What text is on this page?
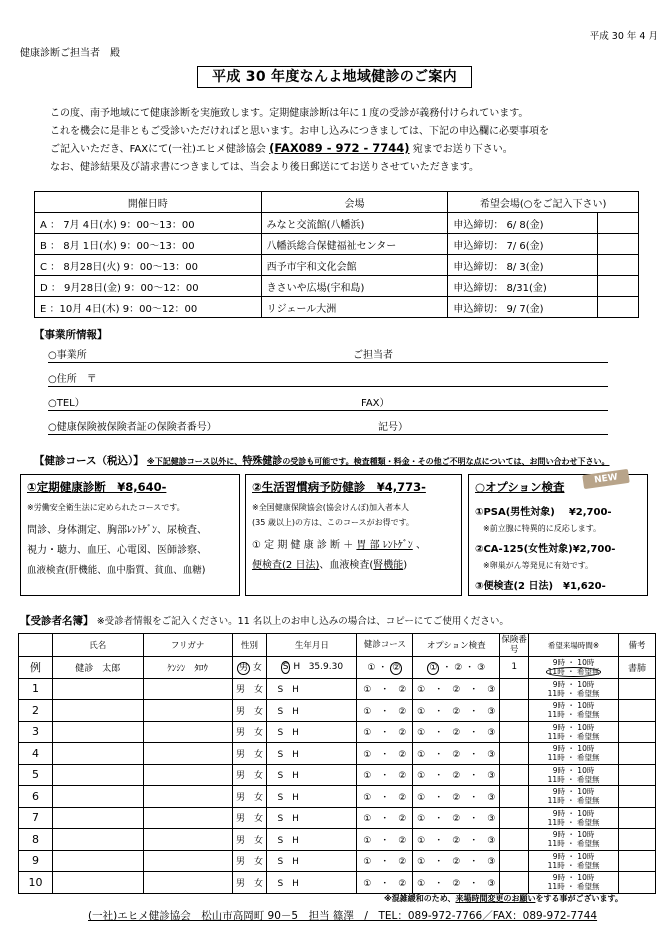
平成 30 年 4 月
健康診断ご担当者　殿
平成 30 年度なんよ地域健診のご案内

この度、南予地域にて健康診断を実施致します。定期健康診断は年に１度の受診が義務付けられています。

これを機会に是非ともご受診いただければと思います。お申し込みにつきましては、下記の申込欄に必要事項を

ご記入いただき、FAXにて(一社)エヒメ健診協会 (FAX089 - 972 - 7744) 宛までお送り下さい。

なお、健診結果及び請求書につきましては、当会より後日郵送にてお送りさせていただきます。

開催日時	会場	希望会場(○をご記入下さい)	
A ： 7月 4日(水) 9：00～13：00	みなと交流館(八幡浜)	申込締切： 6/ 8(金)	
B ： 8月 1日(水) 9：00～13：00	八幡浜総合保健福祉センター	申込締切： 7/ 6(金)	
C ： 8月28日(火) 9：00～13：00	西予市宇和文化会館	申込締切： 8/ 3(金)	
D ： 9月28日(金) 9：00～12：00	きさいや広場(宇和島)	申込締切： 8/31(金)	
E ：10月 4日(木) 9：00～12：00	リジェール大洲	申込締切： 9/ 7(金)	
【事業所情報】
○事業所	ご担当者
○住所　〒
○TEL）	FAX）
○健康保険被保険者証の保険者番号）	記号）
【健診コース（税込）】 ※下記健診コース以外に、特殊健診の受診も可能です。検査種類・料金・その他ご不明な点については、お問い合わせ下さい。
①定期健康診断　¥8,640-
※労働安全衛生法に定められたコースです。
問診、身体測定、胸部ﾚﾝﾄｹﾞﾝ、尿検査、
視力・聴力、血圧、心電図、医師診察、
血液検査(肝機能、血中脂質、貧血、血糖)
②生活習慣病予防健診　¥4,773-
※全国健康保険協会(協会けんぽ)加入者本人
(35 歳以上)の方は、このコースがお得です。
① 定 期 健 康 診 断 ＋ 胃 部 ﾚﾝﾄｹﾞﾝ 、
便検査(2 日法)、血液検査(腎機能)
○オプション検査
①PSA(男性対象) ¥2,700-
※前立腺に特異的に反応します。
②CA-125(女性対象)¥2,700-
※卵巣がん等発見に有効です。
③便検査(2 日法)　¥1,620-
NEW
【受診者名簿】 ※受診者情報をご記入ください。11 名以上のお申し込みの場合は、コピーにてご使用ください。
	氏名	フリガナ	性別	生年月日	健診コース	オプション検査	保険番号	希望来場時間※	備考
例	健診　太郎	ｹﾝｼﾝ　ﾀﾛｳ	男 女	S H 35.9.30	① ・ ②	① ・ ② ・ ③	1	9時 ・ 10時
11時 ・ 希望無	書肺
1			男　女	S　H	①　・　②	①　・　②　・　③		9時 ・ 10時
11時 ・ 希望無	

2			男　女	S　H	①　・　②	①　・　②　・　③		9時 ・ 10時
11時 ・ 希望無	

3			男　女	S　H	①　・　②	①　・　②　・　③		9時 ・ 10時
11時 ・ 希望無	

4			男　女	S　H	①　・　②	①　・　②　・　③		9時 ・ 10時
11時 ・ 希望無	

5			男　女	S　H	①　・　②	①　・　②　・　③		9時 ・ 10時
11時 ・ 希望無	

6			男　女	S　H	①　・　②	①　・　②　・　③		9時 ・ 10時
11時 ・ 希望無	

7			男　女	S　H	①　・　②	①　・　②　・　③		9時 ・ 10時
11時 ・ 希望無	

8			男　女	S　H	①　・　②	①　・　②　・　③		9時 ・ 10時
11時 ・ 希望無	

9			男　女	S　H	①　・　②	①　・　②　・　③		9時 ・ 10時
11時 ・ 希望無	

10			男　女	S　H	①　・　②	①　・　②　・　③		9時 ・ 10時
11時 ・ 希望無	

※混雑緩和のため、来場時間変更のお願いをする事がございます。
(一社)エヒメ健診協会　松山市高岡町 90－5　担当 篠澤　/　TEL：089-972-7766／FAX：089-972-7744
